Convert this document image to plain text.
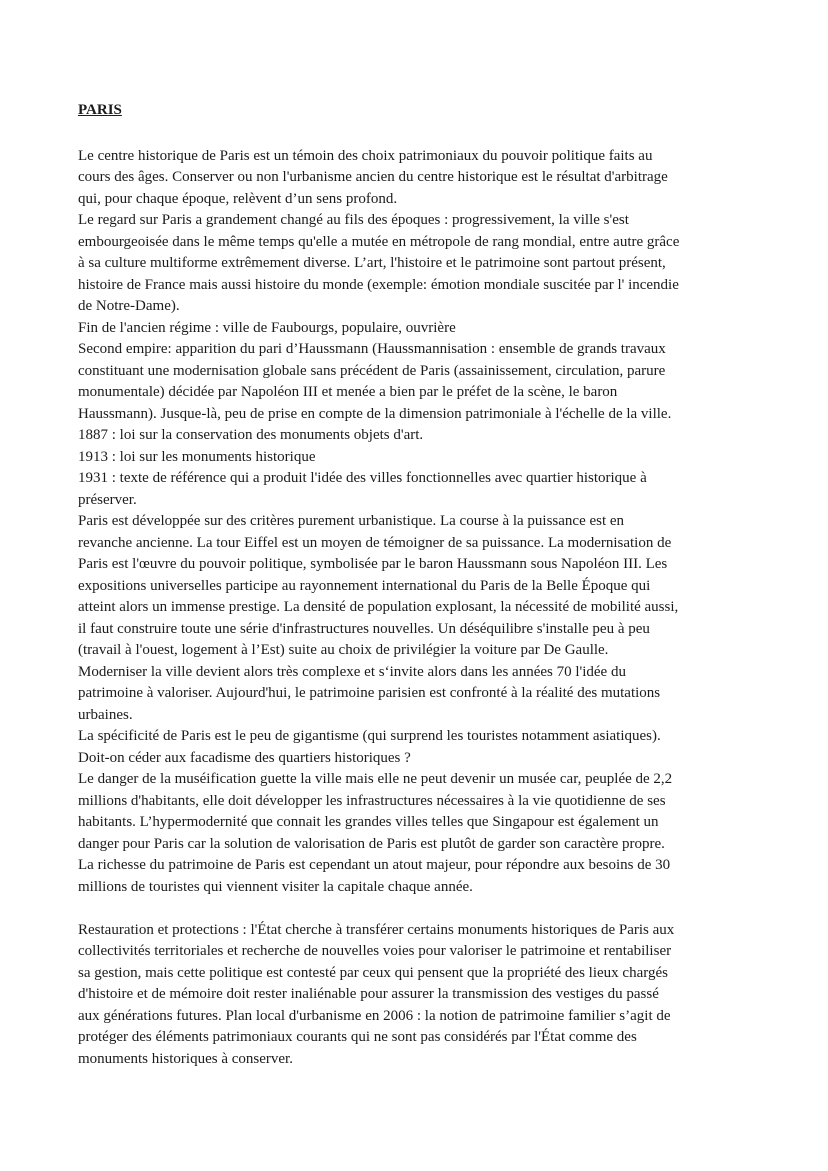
PARIS
Le centre historique de Paris est un témoin des choix patrimoniaux du pouvoir politique faits au
cours des âges. Conserver ou non l'urbanisme ancien du centre historique est le résultat d'arbitrage
qui, pour chaque époque, relèvent d’un sens profond.
Le regard sur Paris a grandement changé au fils des époques : progressivement, la ville s'est
embourgeoisée dans le même temps qu'elle a mutée en métropole de rang mondial, entre autre grâce
à sa culture multiforme extrêmement diverse. L’art, l'histoire et le patrimoine sont partout présent,
histoire de France mais aussi histoire du monde (exemple: émotion mondiale suscitée par l' incendie
de Notre-Dame).
Fin de l'ancien régime : ville de Faubourgs, populaire, ouvrière
Second empire: apparition du pari d’Haussmann (Haussmannisation : ensemble de grands travaux
constituant une modernisation globale sans précédent de Paris (assainissement, circulation, parure
monumentale) décidée par Napoléon III et menée a bien par le préfet de la scène, le baron
Haussmann). Jusque-là, peu de prise en compte de la dimension patrimoniale à l'échelle de la ville.
1887 : loi sur la conservation des monuments objets d'art.
1913 : loi sur les monuments historique
1931 : texte de référence qui a produit l'idée des villes fonctionnelles avec quartier historique à
préserver.
Paris est développée sur des critères purement urbanistique. La course à la puissance est en
revanche ancienne. La tour Eiffel est un moyen de témoigner de sa puissance. La modernisation de
Paris est l'œuvre du pouvoir politique, symbolisée par le baron Haussmann sous Napoléon III. Les
expositions universelles participe au rayonnement international du Paris de la Belle Époque qui
atteint alors un immense prestige. La densité de population explosant, la nécessité de mobilité aussi,
il faut construire toute une série d'infrastructures nouvelles. Un déséquilibre s'installe peu à peu
(travail à l'ouest, logement à l’Est) suite au choix de privilégier la voiture par De Gaulle.
Moderniser la ville devient alors très complexe et s‘invite alors dans les années 70 l'idée du
patrimoine à valoriser. Aujourd'hui, le patrimoine parisien est confronté à la réalité des mutations
urbaines.
La spécificité de Paris est le peu de gigantisme (qui surprend les touristes notamment asiatiques).
Doit-on céder aux facadisme des quartiers historiques ?
Le danger de la muséification guette la ville mais elle ne peut devenir un musée car, peuplée de 2,2
millions d'habitants, elle doit développer les infrastructures nécessaires à la vie quotidienne de ses
habitants. L’hypermodernité que connait les grandes villes telles que Singapour est également un
danger pour Paris car la solution de valorisation de Paris est plutôt de garder son caractère propre.
La richesse du patrimoine de Paris est cependant un atout majeur, pour répondre aux besoins de 30
millions de touristes qui viennent visiter la capitale chaque année.
Restauration et protections : l'État cherche à transférer certains monuments historiques de Paris aux
collectivités territoriales et recherche de nouvelles voies pour valoriser le patrimoine et rentabiliser
sa gestion, mais cette politique est contesté par ceux qui pensent que la propriété des lieux chargés
d'histoire et de mémoire doit rester inaliénable pour assurer la transmission des vestiges du passé
aux générations futures. Plan local d'urbanisme en 2006 : la notion de patrimoine familier s’agit de
protéger des éléments patrimoniaux courants qui ne sont pas considérés par l'État comme des
monuments historiques à conserver.
